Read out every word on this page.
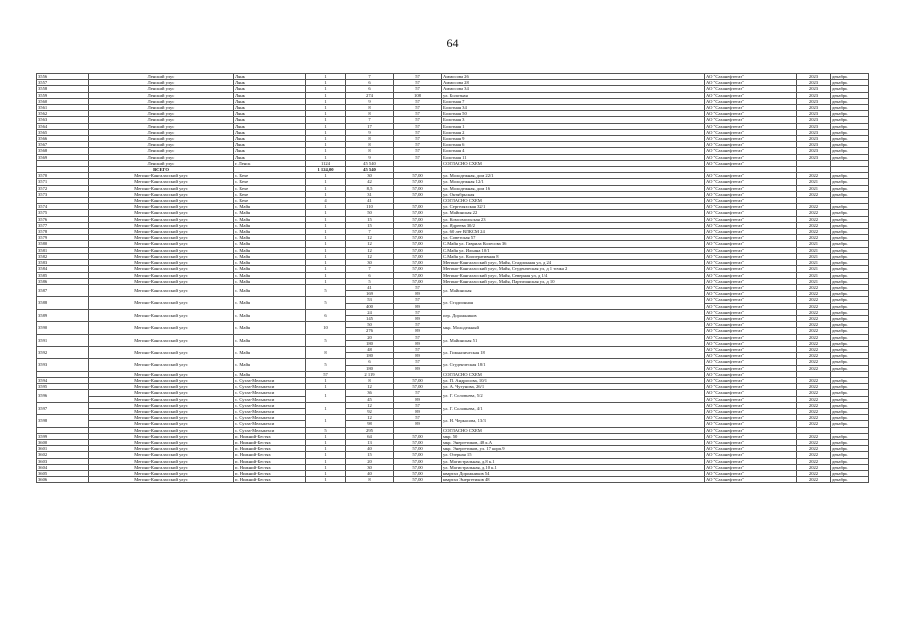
64
3556	Ленский улус	Лянк	1	7	57	Аммосова 26	АО "Саханефтегаз"	2023	декабрь
3557	Ленский улус	Лянк	1	6	57	Аммосова 28	АО "Саханефтегаз"	2023	декабрь
3558	Ленский улус	Лянк	1	6	57	Аммосова 34	АО "Саханефтегаз"	2023	декабрь
3559	Ленский улус	Лянк	1	274	108	ул. Болотная	АО "Саханефтегаз"	2023	декабрь
3560	Ленский улус	Лянк	1	9	57	Болотная 7	АО "Саханефтегаз"	2023	декабрь
3561	Ленский улус	Лянк	1	8	57	Болотная 34	АО "Саханефтегаз"	2023	декабрь
3562	Ленский улус	Лянк	1	8	57	Болотная 50	АО "Саханефтегаз"	2023	декабрь
3563	Ленский улус	Лянк	1	7	57	Болотная 3	АО "Саханефтегаз"	2023	декабрь
3564	Ленский улус	Лянк	1	17	57	Болотная 1	АО "Саханефтегаз"	2023	декабрь
3565	Ленский улус	Лянк	1	9	57	Болотная 2	АО "Саханефтегаз"	2023	декабрь
3566	Ленский улус	Лянк	1	8	57	Болотная 9	АО "Саханефтегаз"	2023	декабрь
3567	Ленский улус	Лянк	1	8	57	Болотная 6	АО "Саханефтегаз"	2023	декабрь
3568	Ленский улус	Лянк	1	8	57	Болотная 4	АО "Саханефтегаз"	2023	декабрь
3569	Ленский улус	Лянк	1	9	57	Болотная 11	АО "Саханефтегаз"	2023	декабрь
	Ленский улус	г. Ленск	1124	45 540		СОГЛАСНО СХЕМ	АО "Саханефтегаз"		
	ВСЕГО		1 124,00	45 540					
3570	Мегино-Кангаласский улус	с. Бехе	1	30	57,00	ул. Молодежная, дом 22/1	АО "Саханефтегаз"	2022	декабрь
3571	Мегино-Кангаласский улус	с. Бехе	1	42	57,00	ул. Молодежная 12/1	АО "Саханефтегаз"	2021	декабрь
3572	Мегино-Кангаласский улус	с. Бехе	1	8,5	57,00	ул. Молодежная, дом 16	АО "Саханефтегаз"	2021	декабрь
3573	Мегино-Кангаласский улус	с. Бехе	1	31	57,00	ул. Октябрьская	АО "Саханефтегаз"	2022	декабрь
	Мегино-Кангаласский улус	с. Бехе	4	41		СОГЛАСНО СХЕМ	АО "Саханефтегаз"		
3574	Мегино-Кангаласский улус	с. Майя	1	110	57,00	ул. Сергеляхская 32/1	АО "Саханефтегаз"	2022	декабрь
3575	Мегино-Кангаласский улус	с. Майя	1	50	57,00	ул. Майинская 22	АО "Саханефтегаз"	2022	декабрь
3576	Мегино-Кангаласский улус	с. Майя	1	15	57,00	ул. Комсомольская 23	АО "Саханефтегаз"	2022	декабрь
3577	Мегино-Кангаласский улус	с. Майя	1	15	57,00	ул. Ядреева 30/2	АО "Саханефтегаз"	2022	декабрь
3578	Мегино-Кангаласский улус	с. Майя	1	7	57,00	ул. 60 лет ВЛКСМ 24	АО "Саханефтегаз"	2022	декабрь
3579	Мегино-Кангаласский улус	с. Майя	1	12	57,00	ул. Советская 57	АО "Саханефтегаз"	2022	декабрь
3580	Мегино-Кангаласский улус	с. Майя	1	12	57,00	С.Майя ул. Гаврила Колесова 36	АО "Саханефтегаз"	2021	декабрь
3581	Мегино-Кангаласский улус	с. Майя	1	12	57,00	С.Майя ул. Ильина 10/1	АО "Саханефтегаз"	2021	декабрь
3582	Мегино-Кангаласский улус	с. Майя	1	12	57,00	С.Майя ул. Кооперативная 8	АО "Саханефтегаз"	2021	декабрь
3583	Мегино-Кангаласский улус	с. Майя	1	30	57,00	Мегино-Кангаласский улус, Майя, Стадионная ул, д 24	АО "Саханефтегаз"	2021	декабрь
3584	Мегино-Кангаласский улус	с. Майя	1	7	57,00	Мегино-Кангаласский улус, Майя, Студенческая ул, д 1 точка 2	АО "Саханефтегаз"	2021	декабрь
3585	Мегино-Кангаласский улус	с. Майя	1	6	57,00	Мегино-Кангаласский улус, Майя, Северная ул, д 1/4	АО "Саханефтегаз"	2021	декабрь
3586	Мегино-Кангаласский улус	с. Майя	1	5	57,00	Мегино-Кангаласский улус, Майя, Партизанская ул, д 10	АО "Саханефтегаз"	2021	декабрь
3587	Мегино-Кангаласский улус	с. Майя	5	41	57	ул. Майинская	АО "Саханефтегаз"	2022	декабрь
				169	89		АО "Саханефтегаз"	2022	декабрь
3588	Мегино-Кангаласский улус	с. Майя	5	53	57	ул. Стадионная	АО "Саханефтегаз"	2022	декабрь
				400	89		АО "Саханефтегаз"	2022	декабрь
3589	Мегино-Кангаласский улус	с. Майя	6	24	57	пер. Дорожников	АО "Саханефтегаз"	2022	декабрь
				145	89		АО "Саханефтегаз"	2022	декабрь
3590	Мегино-Кангаласский улус	с. Майя	10	50	57	мкр. Молодежный	АО "Саханефтегаз"	2022	декабрь
				276	89		АО "Саханефтегаз"	2022	декабрь
3591	Мегино-Кангаласский улус	с. Майя	5	20	57	ул. Майинская 51	АО "Саханефтегаз"	2022	декабрь
				180	89		АО "Саханефтегаз"	2022	декабрь
3592	Мегино-Кангаласский улус	с. Майя	8	48	57	ул. Гимназическая 18	АО "Саханефтегаз"	2022	декабрь
				180	89		АО "Саханефтегаз"	2022	декабрь
3593	Мегино-Кангаласский улус	с. Майя	5	6	57	ул. Студенческая 18/1	АО "Саханефтегаз"	2022	декабрь
				180	89		АО "Саханефтегаз"	2022	декабрь
	Мегино-Кангаласский улус	с. Майя	57	2 119		СОГЛАСНО СХЕМ	АО "Саханефтегаз"		
3594	Мегино-Кангаласский улус	с. Сугла-Мельжехси	1	8	57,00	ул. П. Андросова, 10/1	АО "Саханефтегаз"	2022	декабрь
3595	Мегино-Кангаласский улус	с. Сугла-Мельжехси	1	12	57,00	ул. А. Чугунова, 26/1	АО "Саханефтегаз"	2022	декабрь
3596	Мегино-Кангаласский улус	с. Сугла-Мельжехси	1	36	57	ул. Г. Соловьева, 5/2	АО "Саханефтегаз"	2022	декабрь
	Мегино-Кангаласский улус	с. Сугла-Мельжехси		45	89		АО "Саханефтегаз"	2022	декабрь
3597	Мегино-Кангаласский улус	с. Сугла-Мельжехси	1	12	57	ул. Г. Соловьева, 4/1	АО "Саханефтегаз"	2022	декабрь
	Мегино-Кангаласский улус	с. Сугла-Мельжехси		92	89		АО "Саханефтегаз"	2022	декабрь
3598	Мегино-Кангаласский улус	с. Сугла-Мельжехси	1	12	57	ул. Н. Черкасова, 13/3	АО "Саханефтегаз"	2022	декабрь
	Мегино-Кангаласский улус	с. Сугла-Мельжехси		98	89		АО "Саханефтегаз"	2022	декабрь
	Мегино-Кангаласский улус	с. Сугла-Мельжехси	5	295		СОГЛАСНО СХЕМ	АО "Саханефтегаз"		
3599	Мегино-Кангаласский улус	п. Нижний-Бестях	1	64	57,00	мкр. 50	АО "Саханефтегаз"	2022	декабрь
3600	Мегино-Кангаласский улус	п. Нижний-Бестях	1	13	57,00	мкр. Энергетиков, 48 к.А	АО "Саханефтегаз"	2022	декабрь
3601	Мегино-Кангаласский улус	п. Нижний-Бестях	1	40	57,00	мкр. Энергетиков, ул. 17 корп.9	АО "Саханефтегаз"	2022	декабрь
3602	Мегино-Кангаласский улус	п. Нижний-Бестях	1	15	57,00	ул. Озерная 15	АО "Саханефтегаз"	2022	декабрь
3603	Мегино-Кангаласский улус	п. Нижний-Бестях	1	20	57,00	ул. Магистральная, д.8 к.1	АО "Саханефтегаз"	2022	декабрь
3604	Мегино-Кангаласский улус	п. Нижний-Бестях	1	30	57,00	ул. Магистральная, д.10 к.1	АО "Саханефтегаз"	2022	декабрь
3605	Мегино-Кангаласский улус	п. Нижний-Бестях	1	40	57,00	квартал Дорожников 54	АО "Саханефтегаз"	2022	декабрь
3606	Мегино-Кангаласский улус	п. Нижний-Бестях	1	8	57,00	квартал Энергетиков 48	АО "Саханефтегаз"	2022	декабрь
